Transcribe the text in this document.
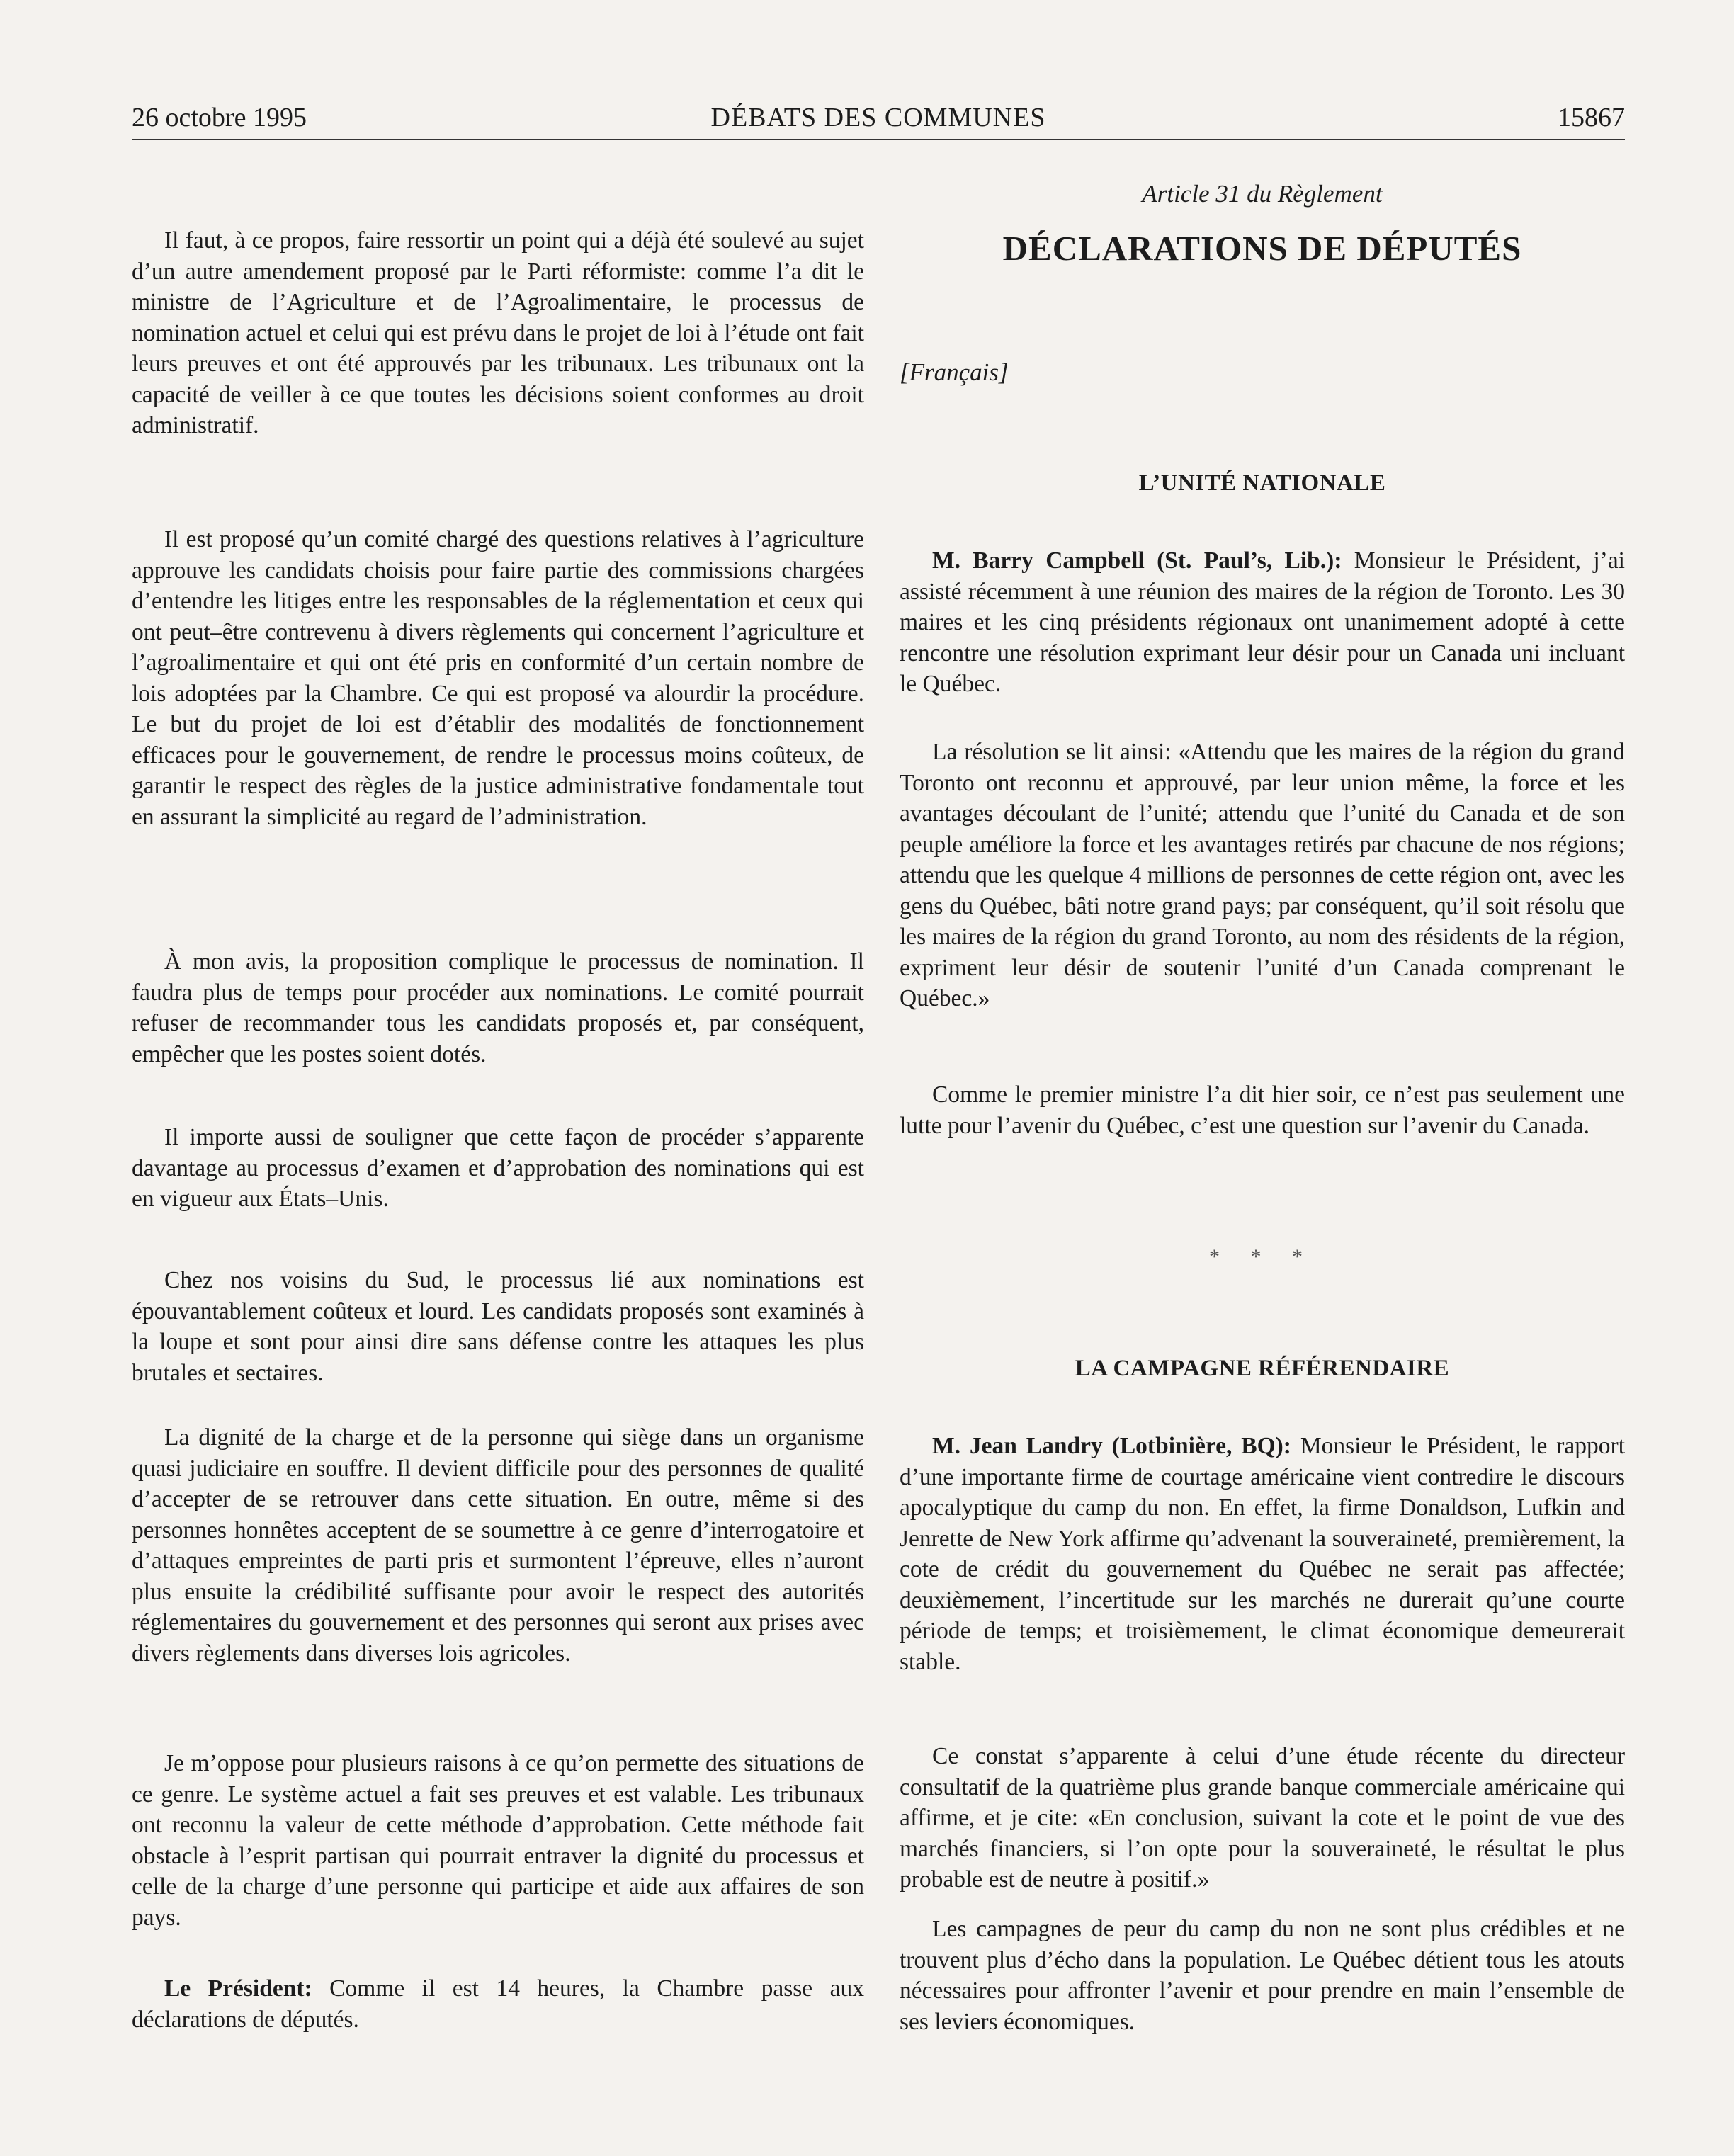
26 octobre 1995	DÉBATS DES COMMUNES	15867

Il faut, à ce propos, faire ressortir un point qui a déjà été soulevé au sujet d’un autre amendement proposé par le Parti réformiste: comme l’a dit le ministre de l’Agriculture et de l’Agroalimentaire, le processus de nomination actuel et celui qui est prévu dans le projet de loi à l’étude ont fait leurs preuves et ont été approuvés par les tribunaux. Les tribunaux ont la capacité de veiller à ce que toutes les décisions soient conformes au droit administratif.

Il est proposé qu’un comité chargé des questions relatives à l’agriculture approuve les candidats choisis pour faire partie des commissions chargées d’entendre les litiges entre les responsables de la réglementation et ceux qui ont peut–être contrevenu à divers règlements qui concernent l’agriculture et l’agroalimentaire et qui ont été pris en conformité d’un certain nombre de lois adoptées par la Chambre. Ce qui est proposé va alourdir la procédure. Le but du projet de loi est d’établir des modalités de fonctionnement efficaces pour le gouvernement, de rendre le processus moins coûteux, de garantir le respect des règles de la justice administrative fondamentale tout en assurant la simplicité au regard de l’administration.

À mon avis, la proposition complique le processus de nomination. Il faudra plus de temps pour procéder aux nominations. Le comité pourrait refuser de recommander tous les candidats proposés et, par conséquent, empêcher que les postes soient dotés.

Il importe aussi de souligner que cette façon de procéder s’apparente davantage au processus d’examen et d’approbation des nominations qui est en vigueur aux États–Unis.

Chez nos voisins du Sud, le processus lié aux nominations est épouvantablement coûteux et lourd. Les candidats proposés sont examinés à la loupe et sont pour ainsi dire sans défense contre les attaques les plus brutales et sectaires.

La dignité de la charge et de la personne qui siège dans un organisme quasi judiciaire en souffre. Il devient difficile pour des personnes de qualité d’accepter de se retrouver dans cette situation. En outre, même si des personnes honnêtes acceptent de se soumettre à ce genre d’interrogatoire et d’attaques empreintes de parti pris et surmontent l’épreuve, elles n’auront plus ensuite la crédibilité suffisante pour avoir le respect des autorités réglementaires du gouvernement et des personnes qui seront aux prises avec divers règlements dans diverses lois agricoles.

Je m’oppose pour plusieurs raisons à ce qu’on permette des situations de ce genre. Le système actuel a fait ses preuves et est valable. Les tribunaux ont reconnu la valeur de cette méthode d’approbation. Cette méthode fait obstacle à l’esprit partisan qui pourrait entraver la dignité du processus et celle de la charge d’une personne qui participe et aide aux affaires de son pays.

Le Président: Comme il est 14 heures, la Chambre passe aux déclarations de députés.

Article 31 du Règlement
DÉCLARATIONS DE DÉPUTÉS
[Français]
L’UNITÉ NATIONALE

M. Barry Campbell (St. Paul’s, Lib.): Monsieur le Président, j’ai assisté récemment à une réunion des maires de la région de Toronto. Les 30 maires et les cinq présidents régionaux ont unanimement adopté à cette rencontre une résolution exprimant leur désir pour un Canada uni incluant le Québec.

La résolution se lit ainsi: «Attendu que les maires de la région du grand Toronto ont reconnu et approuvé, par leur union même, la force et les avantages découlant de l’unité; attendu que l’unité du Canada et de son peuple améliore la force et les avantages retirés par chacune de nos régions; attendu que les quelque 4 millions de personnes de cette région ont, avec les gens du Québec, bâti notre grand pays; par conséquent, qu’il soit résolu que les maires de la région du grand Toronto, au nom des résidents de la région, expriment leur désir de soutenir l’unité d’un Canada comprenant le Québec.»

Comme le premier ministre l’a dit hier soir, ce n’est pas seulement une lutte pour l’avenir du Québec, c’est une question sur l’avenir du Canada.

* * *
LA CAMPAGNE RÉFÉRENDAIRE

M. Jean Landry (Lotbinière, BQ): Monsieur le Président, le rapport d’une importante firme de courtage américaine vient contredire le discours apocalyptique du camp du non. En effet, la firme Donaldson, Lufkin and Jenrette de New York affirme qu’advenant la souveraineté, premièrement, la cote de crédit du gouvernement du Québec ne serait pas affectée; deuxièmement, l’incertitude sur les marchés ne durerait qu’une courte période de temps; et troisièmement, le climat économique demeurerait stable.

Ce constat s’apparente à celui d’une étude récente du directeur consultatif de la quatrième plus grande banque commerciale américaine qui affirme, et je cite: «En conclusion, suivant la cote et le point de vue des marchés financiers, si l’on opte pour la souveraineté, le résultat le plus probable est de neutre à positif.»

Les campagnes de peur du camp du non ne sont plus crédibles et ne trouvent plus d’écho dans la population. Le Québec détient tous les atouts nécessaires pour affronter l’avenir et pour prendre en main l’ensemble de ses leviers économiques.
